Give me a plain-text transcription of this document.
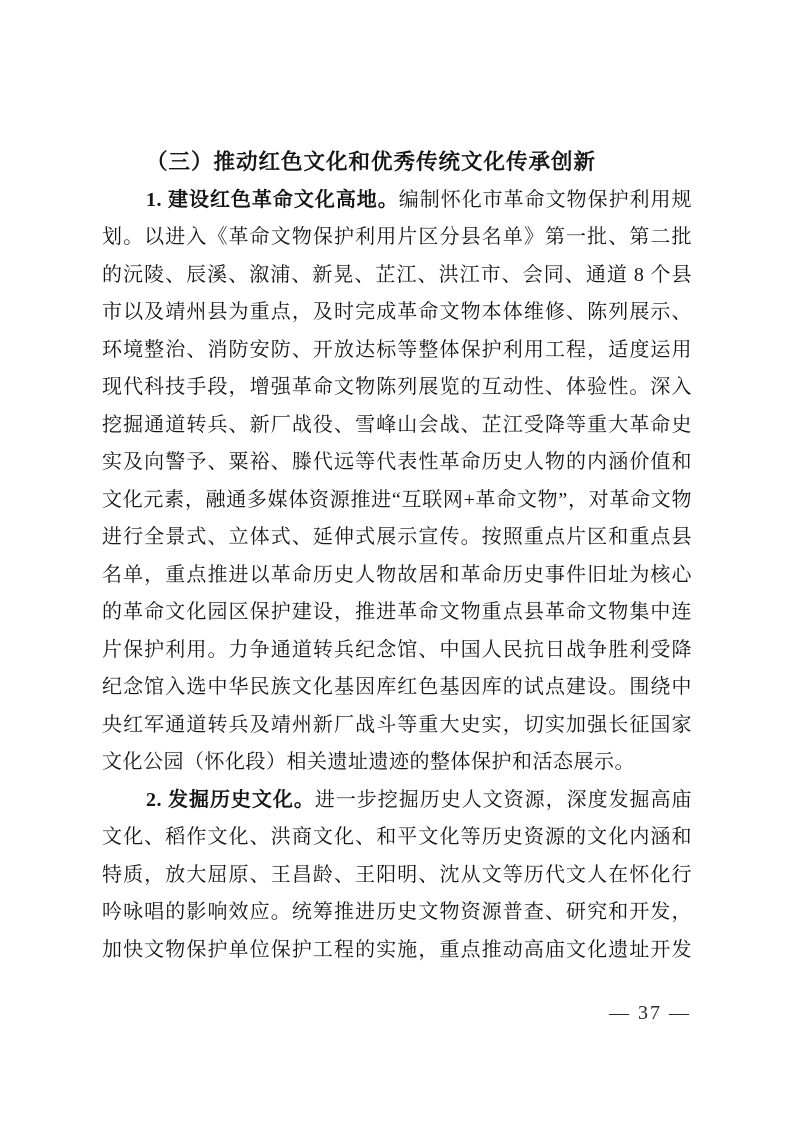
（三）推动红色文化和优秀传统文化传承创新
1. 建设红色革命文化高地。编制怀化市革命文物保护利用规
划。以进入《革命文物保护利用片区分县名单》第一批、第二批
的沅陵、辰溪、溆浦、新晃、芷江、洪江市、会同、通道 8 个县
市以及靖州县为重点，及时完成革命文物本体维修、陈列展示、
环境整治、消防安防、开放达标等整体保护利用工程，适度运用
现代科技手段，增强革命文物陈列展览的互动性、体验性。深入
挖掘通道转兵、新厂战役、雪峰山会战、芷江受降等重大革命史
实及向警予、粟裕、滕代远等代表性革命历史人物的内涵价值和
文化元素，融通多媒体资源推进“互联网+革命文物”，对革命文物
进行全景式、立体式、延伸式展示宣传。按照重点片区和重点县
名单，重点推进以革命历史人物故居和革命历史事件旧址为核心
的革命文化园区保护建设，推进革命文物重点县革命文物集中连
片保护利用。力争通道转兵纪念馆、中国人民抗日战争胜利受降
纪念馆入选中华民族文化基因库红色基因库的试点建设。围绕中
央红军通道转兵及靖州新厂战斗等重大史实，切实加强长征国家
文化公园（怀化段）相关遗址遗迹的整体保护和活态展示。
2. 发掘历史文化。进一步挖掘历史人文资源，深度发掘高庙
文化、稻作文化、洪商文化、和平文化等历史资源的文化内涵和
特质，放大屈原、王昌龄、王阳明、沈从文等历代文人在怀化行
吟咏唱的影响效应。统筹推进历史文物资源普查、研究和开发，
加快文物保护单位保护工程的实施，重点推动高庙文化遗址开发
— 37 —
